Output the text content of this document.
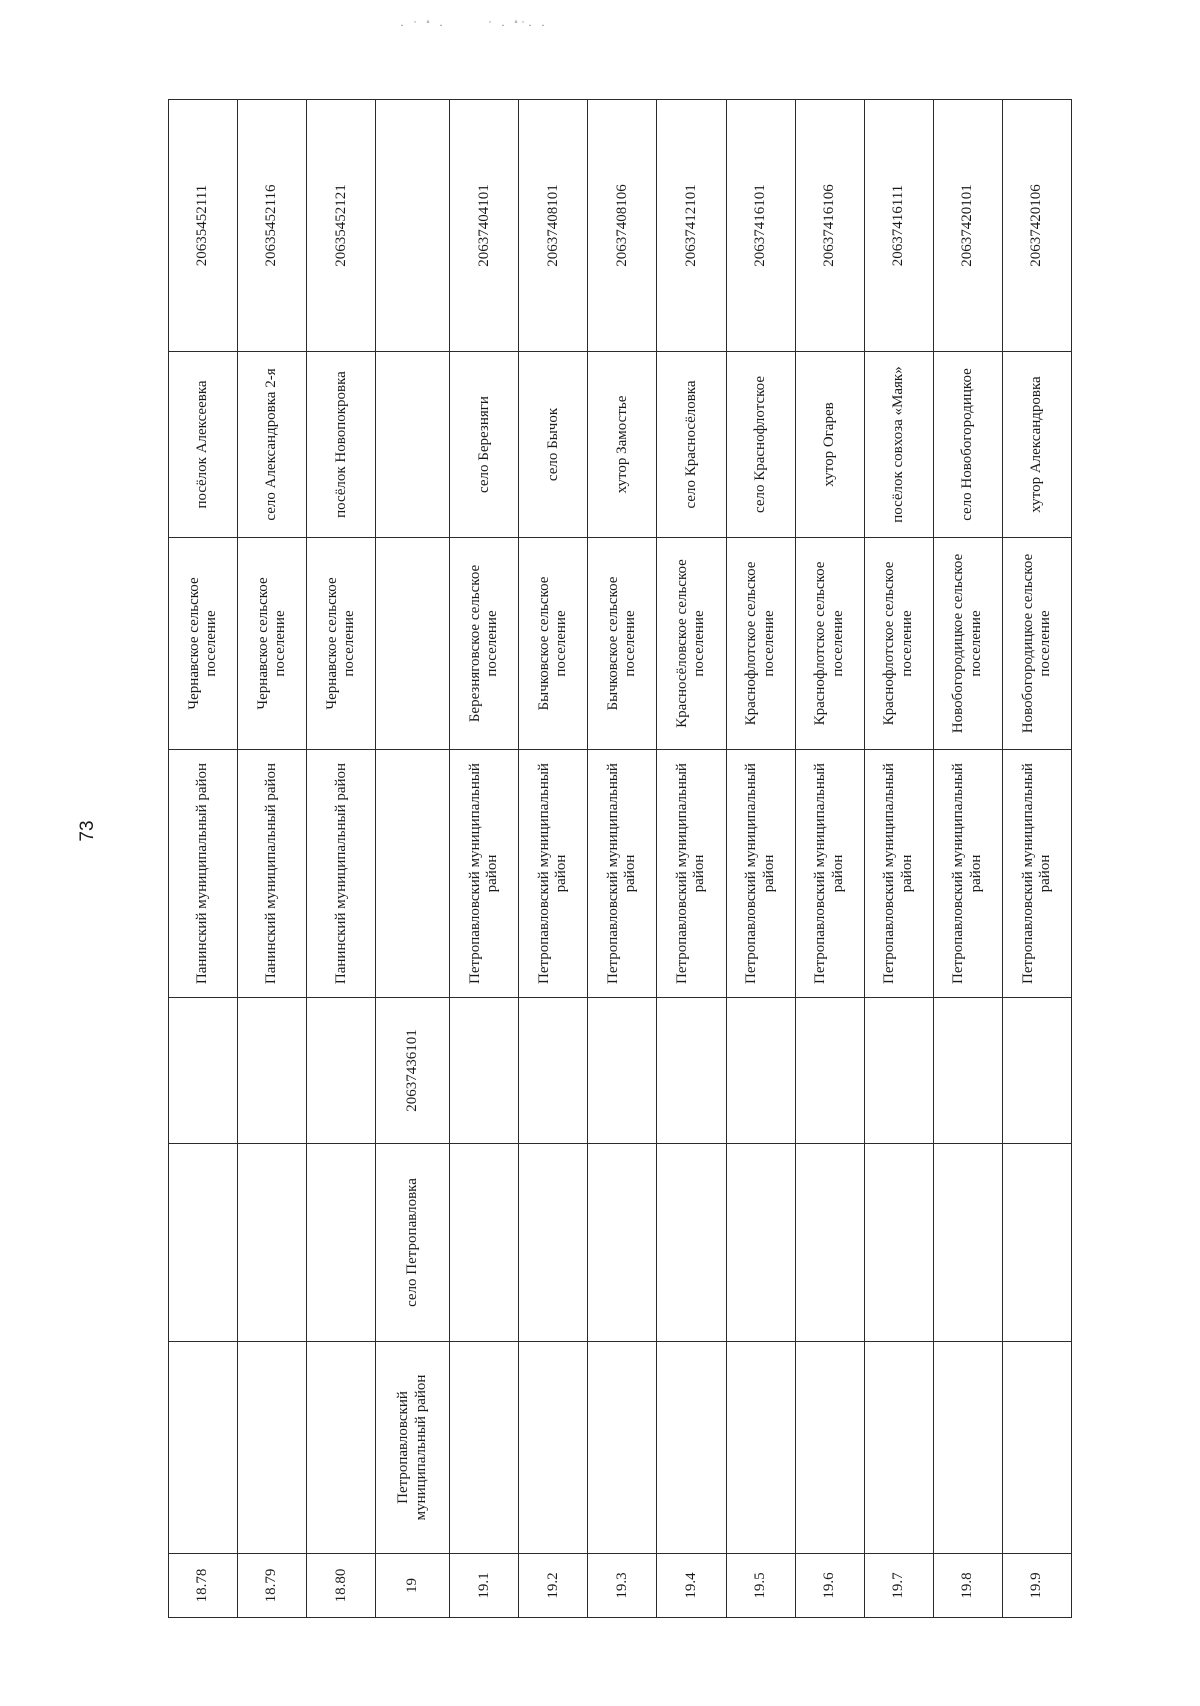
73
· ˙ ˚ ·       ˙ · ˚˙· ·
18.78				Панинский муниципальный район	Чернавское сельское поселение	посёлок Алексеевка	20635452111
18.79				Панинский муниципальный район	Чернавское сельское поселение	село Александровка 2-я	20635452116
18.80				Панинский муниципальный район	Чернавское сельское поселение	посёлок Новопокровка	20635452121
19	Петропавловский муниципальный район	село Петропавловка	20637436101				
19.1				Петропавловский муниципальный район	Березняговское сельское поселение	село Березняги	20637404101
19.2				Петропавловский муниципальный район	Бычковское сельское поселение	село Бычок	20637408101
19.3				Петропавловский муниципальный район	Бычковское сельское поселение	хутор Замостье	20637408106
19.4				Петропавловский муниципальный район	Красносёловское сельское поселение	село Красносёловка	20637412101
19.5				Петропавловский муниципальный район	Краснофлотское сельское поселение	село Краснофлотское	20637416101
19.6				Петропавловский муниципальный район	Краснофлотское сельское поселение	хутор Огарев	20637416106
19.7				Петропавловский муниципальный район	Краснофлотское сельское поселение	посёлок совхоза «Маяк»	20637416111
19.8				Петропавловский муниципальный район	Новобогородицкое сельское поселение	село Новобогородицкое	20637420101
19.9				Петропавловский муниципальный район	Новобогородицкое сельское поселение	хутор Александровка	20637420106
